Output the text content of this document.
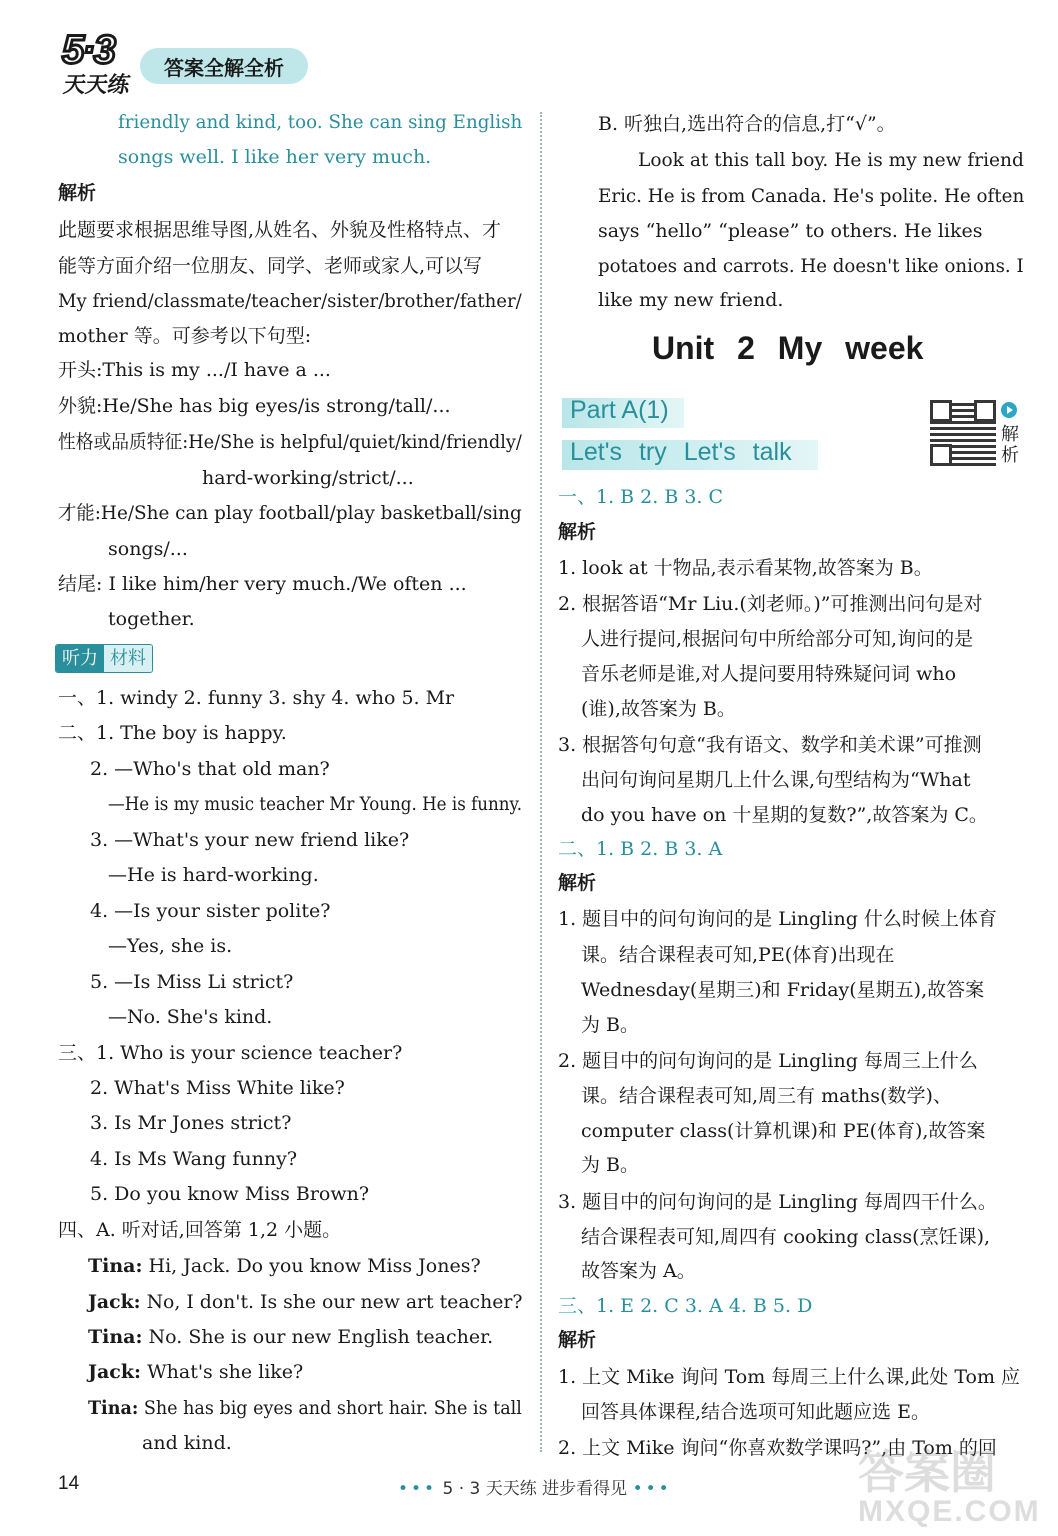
5·3
天天练
答案全解全析
friendly and kind, too. She can sing English
songs well. I like her very much.
解析
此题要求根据思维导图,从姓名、外貌及性格特点、才
能等方面介绍一位朋友、同学、老师或家人,可以写
My friend/classmate/teacher/sister/brother/father/
mother 等。可参考以下句型:
开头:This is my .../I have a ...
外貌:He/She has big eyes/is strong/tall/...
性格或品质特征:He/She is helpful/quiet/kind/friendly/
hard-working/strict/...
才能:He/She can play football/play basketball/sing
songs/...
结尾: I like him/her very much./We often ...
together.
一、1. windy 2. funny 3. shy 4. who 5. Mr
二、1. The boy is happy.
2. —Who's that old man?
—He is my music teacher Mr Young. He is funny.
3. —What's your new friend like?
—He is hard-working.
4. —Is your sister polite?
—Yes, she is.
5. —Is Miss Li strict?
—No. She's kind.
三、1. Who is your science teacher?
2. What's Miss White like?
3. Is Mr Jones strict?
4. Is Ms Wang funny?
5. Do you know Miss Brown?
四、A. 听对话,回答第 1,2 小题。
Tina: Hi, Jack. Do you know Miss Jones?
Jack: No, I don't. Is she our new art teacher?
Tina: No. She is our new English teacher.
Jack: What's she like?
Tina: She has big eyes and short hair. She is tall
and kind.
听力 材料
B. 听独白,选出符合的信息,打“√”。
Look at this tall boy. He is my new friend
Eric. He is from Canada. He's polite. He often
says “hello” “please” to others. He likes
potatoes and carrots. He doesn't like onions. I
like my new friend.
一、1. B 2. B 3. C
解析
1. look at 十物品,表示看某物,故答案为 B。
2. 根据答语“Mr Liu.(刘老师。)”可推测出问句是对
人进行提问,根据问句中所给部分可知,询问的是
音乐老师是谁,对人提问要用特殊疑问词 who
(谁),故答案为 B。
3. 根据答句句意“我有语文、数学和美术课”可推测
出问句询问星期几上什么课,句型结构为“What
do you have on 十星期的复数?”,故答案为 C。
二、1. B 2. B 3. A
解析
1. 题目中的问句询问的是 Lingling 什么时候上体育
课。结合课程表可知,PE(体育)出现在
Wednesday(星期三)和 Friday(星期五),故答案
为 B。
2. 题目中的问句询问的是 Lingling 每周三上什么
课。结合课程表可知,周三有 maths(数学)、
computer class(计算机课)和 PE(体育),故答案
为 B。
3. 题目中的问句询问的是 Lingling 每周四干什么。
结合课程表可知,周四有 cooking class(烹饪课),
故答案为 A。
三、1. E 2. C 3. A 4. B 5. D
解析
1. 上文 Mike 询问 Tom 每周三上什么课,此处 Tom 应
回答具体课程,结合选项可知此题应选 E。
2. 上文 Mike 询问“你喜欢数学课吗?”,由 Tom 的回
Unit 2 My week
Part A(1)
Let's try Let's talk
解析
14	••• 5 · 3 天天练 进步看得见 •••	答案圈
MXQE.COM
